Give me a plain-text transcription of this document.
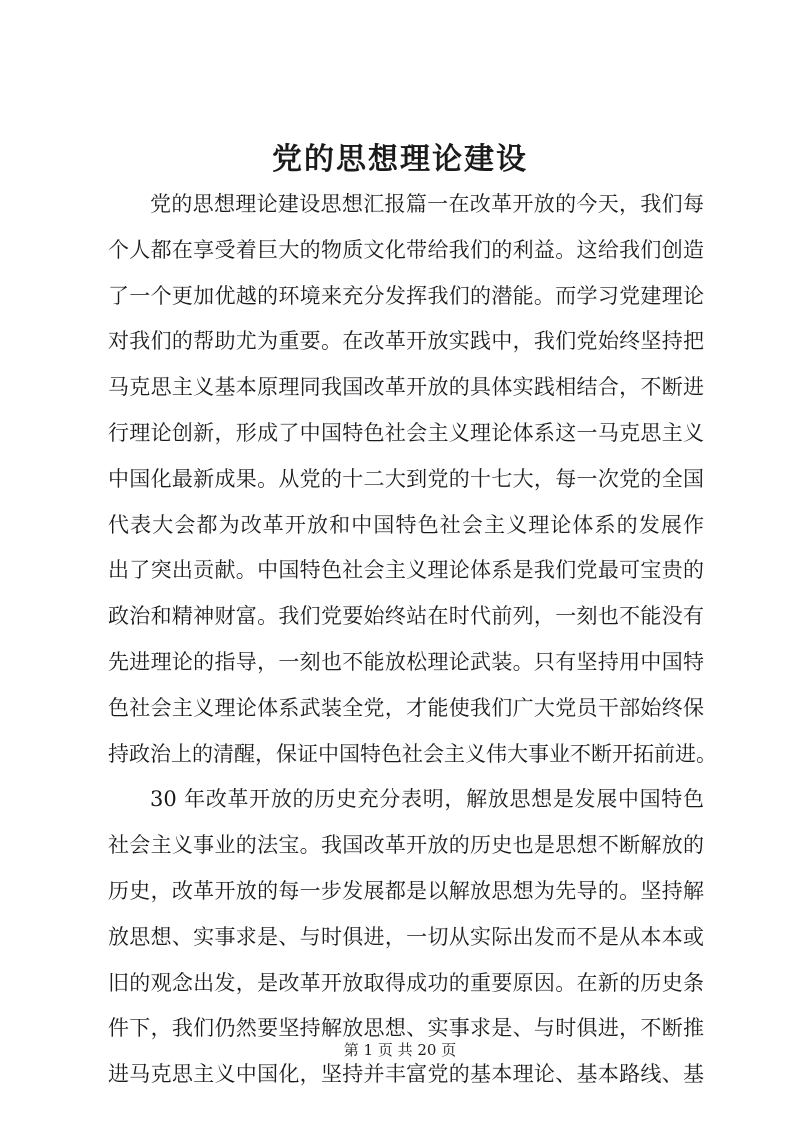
党的思想理论建设
党的思想理论建设思想汇报篇一在改革开放的今天，我们每
个人都在享受着巨大的物质文化带给我们的利益。这给我们创造
了一个更加优越的环境来充分发挥我们的潜能。而学习党建理论
对我们的帮助尤为重要。在改革开放实践中，我们党始终坚持把
马克思主义基本原理同我国改革开放的具体实践相结合，不断进
行理论创新，形成了中国特色社会主义理论体系这一马克思主义
中国化最新成果。从党的十二大到党的十七大，每一次党的全国
代表大会都为改革开放和中国特色社会主义理论体系的发展作
出了突出贡献。中国特色社会主义理论体系是我们党最可宝贵的
政治和精神财富。我们党要始终站在时代前列，一刻也不能没有
先进理论的指导，一刻也不能放松理论武装。只有坚持用中国特
色社会主义理论体系武装全党，才能使我们广大党员干部始终保
持政治上的清醒，保证中国特色社会主义伟大事业不断开拓前进。
30 年改革开放的历史充分表明，解放思想是发展中国特色
社会主义事业的法宝。我国改革开放的历史也是思想不断解放的
历史，改革开放的每一步发展都是以解放思想为先导的。坚持解
放思想、实事求是、与时俱进，一切从实际出发而不是从本本或
旧的观念出发，是改革开放取得成功的重要原因。在新的历史条
件下，我们仍然要坚持解放思想、实事求是、与时俱进，不断推
进马克思主义中国化，坚持并丰富党的基本理论、基本路线、基
第 1 页 共 20 页
